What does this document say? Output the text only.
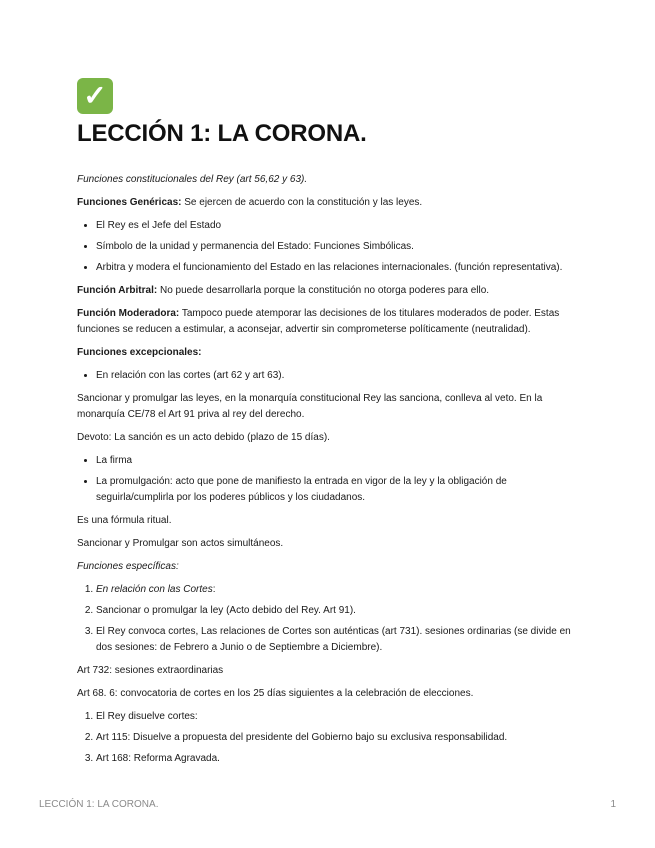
✓
LECCIÓN 1: LA CORONA.

Funciones constitucionales del Rey (art 56,62 y 63).

Funciones Genéricas: Se ejercen de acuerdo con la constitución y las leyes.

• El Rey es el Jefe del Estado
• Símbolo de la unidad y permanencia del Estado: Funciones Simbólicas.
• Arbitra y modera el funcionamiento del Estado en las relaciones internacionales. (función representativa).

Función Arbitral: No puede desarrollarla porque la constitución no otorga poderes para ello.

Función Moderadora: Tampoco puede atemporar las decisiones de los titulares moderados de poder. Estas funciones se reducen a estimular, a aconsejar, advertir sin comprometerse políticamente (neutralidad).

Funciones excepcionales:

• En relación con las cortes (art 62 y art 63).

Sancionar y promulgar las leyes, en la monarquía constitucional Rey las sanciona, conlleva al veto. En la monarquía CE/78 el Art 91 priva al rey del derecho.

Devoto: La sanción es un acto debido (plazo de 15 días).

• La firma
• La promulgación: acto que pone de manifiesto la entrada en vigor de la ley y la obligación de seguirla/cumplirla por los poderes públicos y los ciudadanos.

Es una fórmula ritual.

Sancionar y Promulgar son actos simultáneos.

Funciones específicas:

1. En relación con las Cortes:
2. Sancionar o promulgar la ley (Acto debido del Rey. Art 91).
3. El Rey convoca cortes, Las relaciones de Cortes son auténticas (art 731). sesiones ordinarias (se divide en dos sesiones: de Febrero a Junio o de Septiembre a Diciembre).

Art 732: sesiones extraordinarias

Art 68. 6: convocatoria de cortes en los 25 días siguientes a la celebración de elecciones.

1. El Rey disuelve cortes:
2. Art 115: Disuelve a propuesta del presidente del Gobierno bajo su exclusiva responsabilidad.
3. Art 168: Reforma Agravada.
LECCIÓN 1: LA CORONA.	1
